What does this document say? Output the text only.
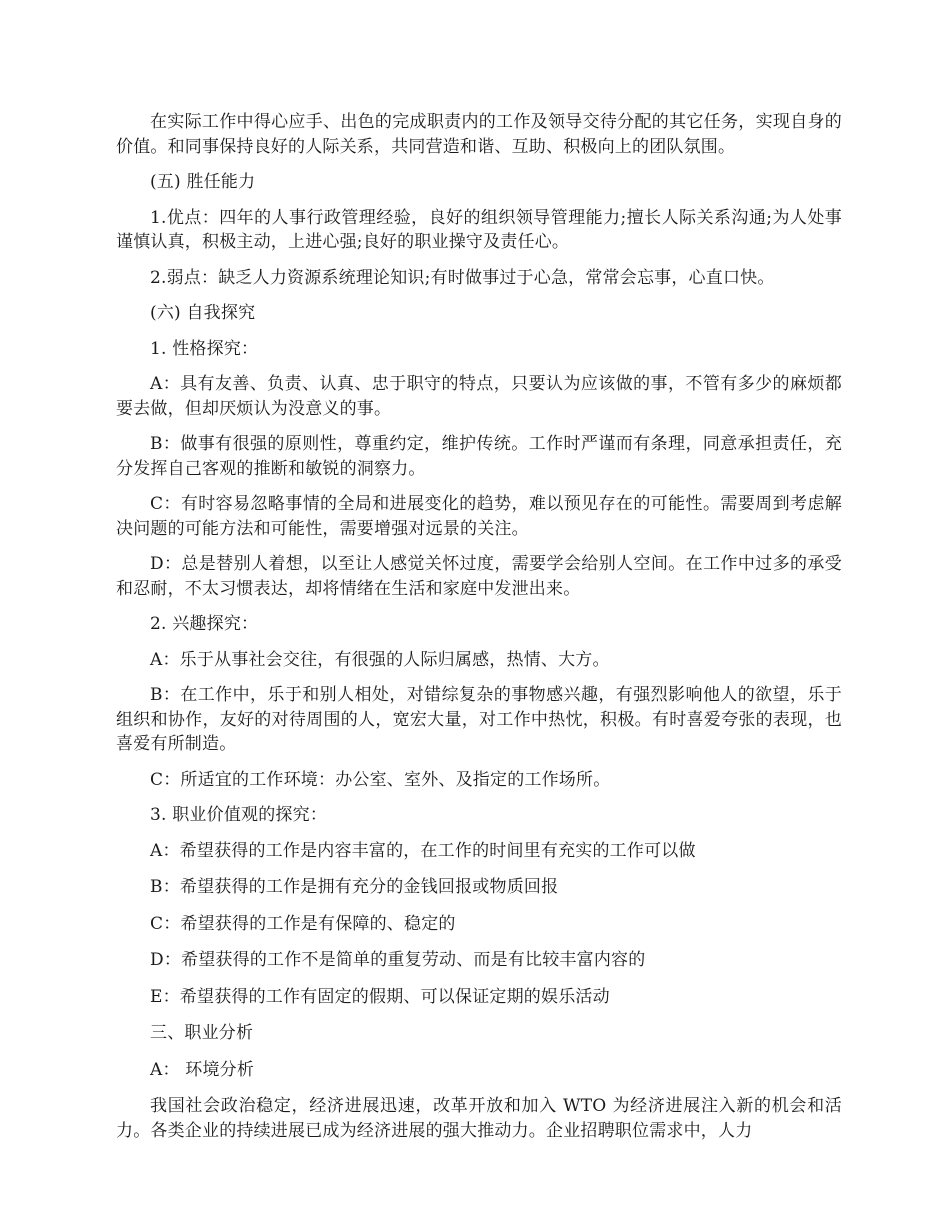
在实际工作中得心应手、出色的完成职责内的工作及领导交待分配的其它任务，实现自身的价值。和同事保持良好的人际关系，共同营造和谐、互助、积极向上的团队氛围。

(五) 胜任能力

1.优点：四年的人事行政管理经验，良好的组织领导管理能力;擅长人际关系沟通;为人处事谨慎认真，积极主动，上进心强;良好的职业操守及责任心。

2.弱点：缺乏人力资源系统理论知识;有时做事过于心急，常常会忘事，心直口快。

(六) 自我探究

1. 性格探究：

A：具有友善、负责、认真、忠于职守的特点，只要认为应该做的事，不管有多少的麻烦都要去做，但却厌烦认为没意义的事。

B：做事有很强的原则性，尊重约定，维护传统。工作时严谨而有条理，同意承担责任，充分发挥自己客观的推断和敏锐的洞察力。

C：有时容易忽略事情的全局和进展变化的趋势，难以预见存在的可能性。需要周到考虑解决问题的可能方法和可能性，需要增强对远景的关注。

D：总是替别人着想，以至让人感觉关怀过度，需要学会给别人空间。在工作中过多的承受和忍耐，不太习惯表达，却将情绪在生活和家庭中发泄出来。

2. 兴趣探究：

A：乐于从事社会交往，有很强的人际归属感，热情、大方。

B：在工作中，乐于和别人相处，对错综复杂的事物感兴趣，有强烈影响他人的欲望，乐于组织和协作，友好的对待周围的人，宽宏大量，对工作中热忱，积极。有时喜爱夸张的表现，也喜爱有所制造。

C：所适宜的工作环境：办公室、室外、及指定的工作场所。

3. 职业价值观的探究：

A：希望获得的工作是内容丰富的，在工作的时间里有充实的工作可以做

B：希望获得的工作是拥有充分的金钱回报或物质回报

C：希望获得的工作是有保障的、稳定的

D：希望获得的工作不是简单的重复劳动、而是有比较丰富内容的

E：希望获得的工作有固定的假期、可以保证定期的娱乐活动

三、职业分析

A： 环境分析

我国社会政治稳定，经济进展迅速，改革开放和加入 WTO 为经济进展注入新的机会和活力。各类企业的持续进展已成为经济进展的强大推动力。企业招聘职位需求中，人力
